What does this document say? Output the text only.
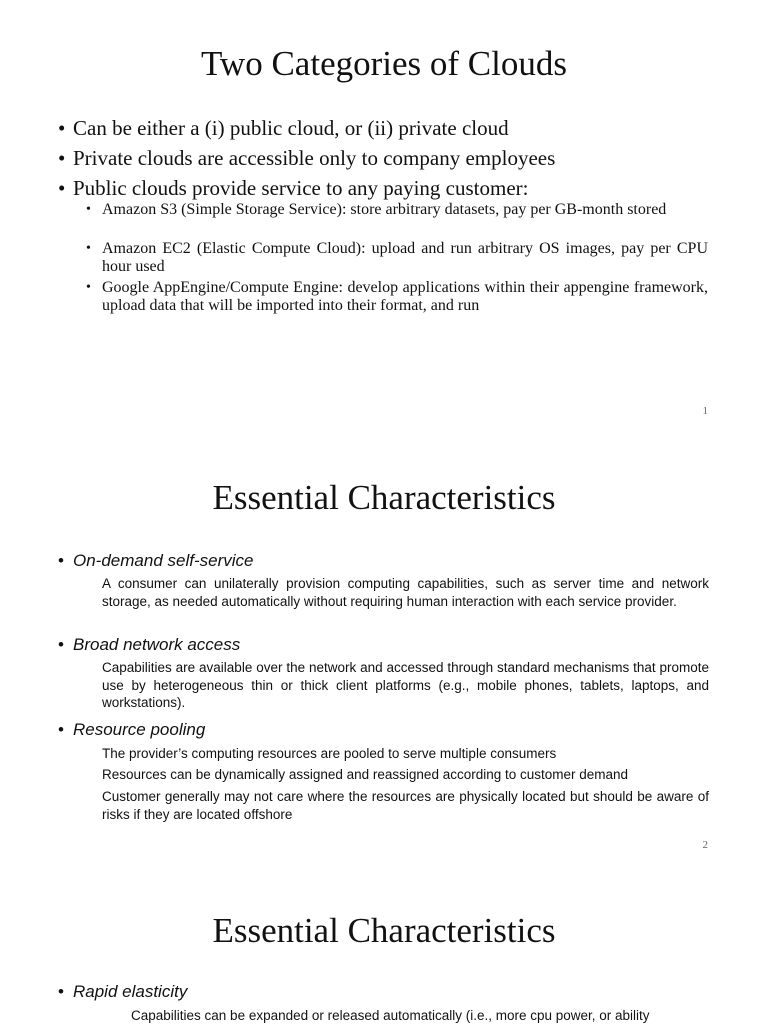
Two Categories of Clouds
• Can be either a (i) public cloud, or (ii) private cloud
• Private clouds are accessible only to company employees
• Public clouds provide service to any paying customer:
• Amazon S3 (Simple Storage Service): store arbitrary datasets, pay per GB-month stored
• Amazon EC2 (Elastic Compute Cloud): upload and run arbitrary OS images, pay per CPU hour used
• Google AppEngine/Compute Engine: develop applications within their appengine framework, upload data that will be imported into their format, and run
1
Essential Characteristics
• On-demand self-service
A consumer can unilaterally provision computing capabilities, such as server time and network storage, as needed automatically without requiring human interaction with each service provider.
• Broad network access
Capabilities are available over the network and accessed through standard mechanisms that promote use by heterogeneous thin or thick client platforms (e.g., mobile phones, tablets, laptops, and workstations).
• Resource pooling
The provider’s computing resources are pooled to serve multiple consumers
Resources can be dynamically assigned and reassigned according to customer demand
Customer generally may not care where the resources are physically located but should be aware of risks if they are located offshore
2
Essential Characteristics
• Rapid elasticity
Capabilities can be expanded or released automatically (i.e., more cpu power, or ability
